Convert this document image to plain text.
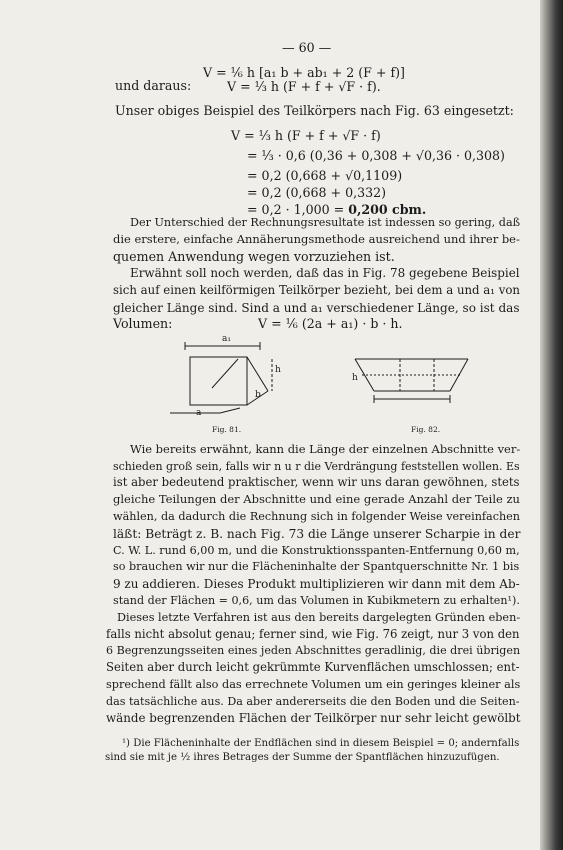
— 60 —
V = ⅙ h [a₁ b + ab₁ + 2 (F + f)]
und daraus:	V = ⅓ h (F + f + √F · f).
Unser obiges Beispiel des Teilkörpers nach Fig. 63 eingesetzt:
V = ⅓ h (F + f + √F · f)
= ⅓ · 0,6 (0,36 + 0,308 + √0,36 · 0,308)
= 0,2 (0,668 + √0,1109)
= 0,2 (0,668 + 0,332)
= 0,2 · 1,000 = 0,200 cbm.
Der Unterschied der Rechnungsresultate ist indessen so gering, daß
die erstere, einfache Annäherungsmethode ausreichend und ihrer be-
quemen Anwendung wegen vorzuziehen ist.
Erwähnt soll noch werden, daß das in Fig. 78 gegebene Beispiel
sich auf einen keilförmigen Teilkörper bezieht, bei dem a und a₁ von
gleicher Länge sind. Sind a und a₁ verschiedener Länge, so ist das
Volumen:	V = ⅙ (2a + a₁) · b · h.
a₁
h
b
a
Fig. 81.
h
Fig. 82.
Wie bereits erwähnt, kann die Länge der einzelnen Abschnitte ver-
schieden groß sein, falls wir n u r die Verdrängung feststellen wollen. Es
ist aber bedeutend praktischer, wenn wir uns daran gewöhnen, stets
gleiche Teilungen der Abschnitte und eine gerade Anzahl der Teile zu
wählen, da dadurch die Rechnung sich in folgender Weise vereinfachen
läßt: Beträgt z. B. nach Fig. 73 die Länge unserer Scharpie in der
C. W. L. rund 6,00 m, und die Konstruktionsspanten-Entfernung 0,60 m,
so brauchen wir nur die Flächeninhalte der Spantquerschnitte Nr. 1 bis
9 zu addieren. Dieses Produkt multiplizieren wir dann mit dem Ab-
stand der Flächen = 0,6, um das Volumen in Kubikmetern zu erhalten¹).
Dieses letzte Verfahren ist aus den bereits dargelegten Gründen eben-
falls nicht absolut genau; ferner sind, wie Fig. 76 zeigt, nur 3 von den
6 Begrenzungsseiten eines jeden Abschnittes geradlinig, die drei übrigen
Seiten aber durch leicht gekrümmte Kurvenflächen umschlossen; ent-
sprechend fällt also das errechnete Volumen um ein geringes kleiner als
das tatsächliche aus. Da aber andererseits die den Boden und die Seiten-
wände begrenzenden Flächen der Teilkörper nur sehr leicht gewölbt
¹) Die Flächeninhalte der Endflächen sind in diesem Beispiel = 0; andernfalls
sind sie mit je ½ ihres Betrages der Summe der Spantflächen hinzuzufügen.
